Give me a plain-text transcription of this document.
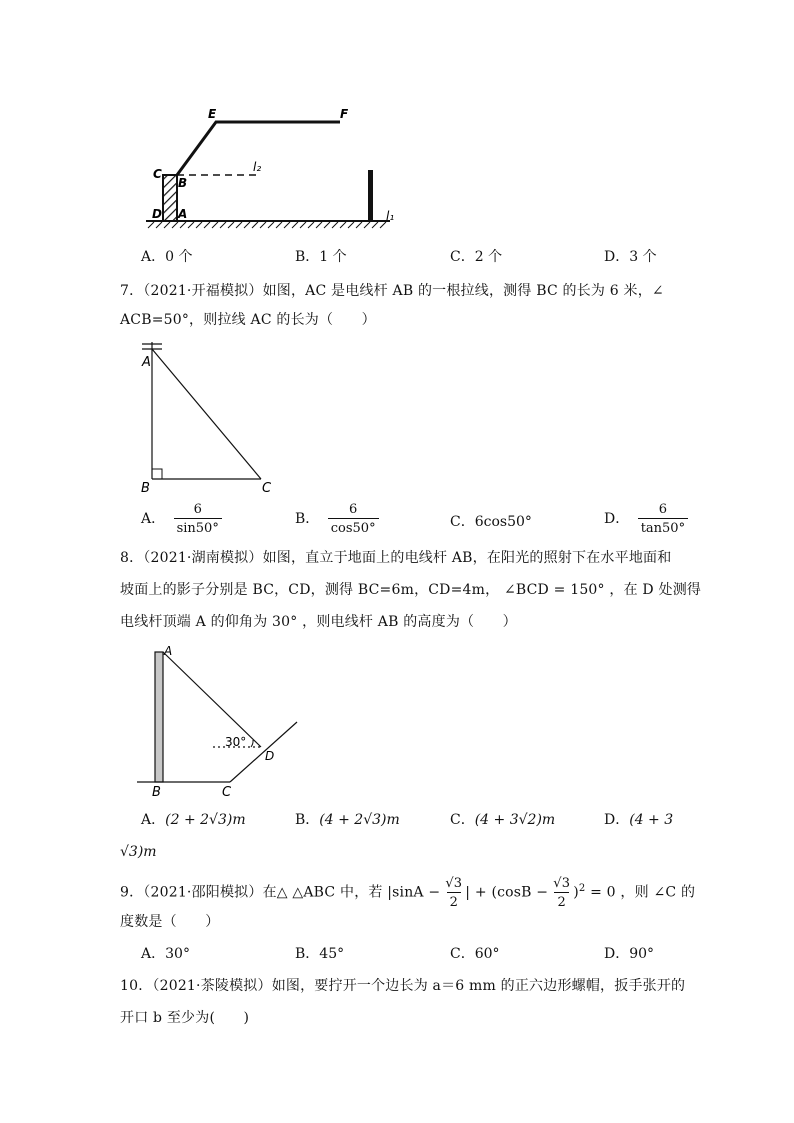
E	F
C
B
A
D
l₂
l₁
A．0 个	B．1 个	C．2 个	D．3 个
7．（2021·开福模拟）如图，AC 是电线杆 AB 的一根拉线，测得 BC 的长为 6 米，∠
ACB=50°，则拉线 AC 的长为（　　）
A
B	C
A． $\frac{6}{\sin 50^\circ}$	B． $\frac{6}{\cos 50^\circ}$	C．6cos50°	D． $\frac{6}{\tan 50^\circ}$
8．（2021·湖南模拟）如图，直立于地面上的电线杆 AB，在阳光的照射下在水平地面和
坡面上的影子分别是 BC，CD，测得 BC=6m，CD=4m， ∠BCD = 150° ，在 D 处测得
电线杆顶端 A 的仰角为 30° ，则电线杆 AB 的高度为（　　）
A
B	C
D
30°
A．(2 + 2√3)m	B．(4 + 2√3)m	C．(4 + 3√2)m	D．(4 + 3
√3)m
9．（2021·邵阳模拟）在△ △ABC 中，若 $|\sin A - \frac{√3}{2}$ | + $(\cos B - \frac{√3}{2} )^2 = 0$ ，则 ∠C 的
度数是（　　）
A．30°	B．45°	C．60°	D．90°
10．（2021·茶陵模拟）如图，要拧开一个边长为 a＝6 mm 的正六边形螺帽，扳手张开的
开口 b 至少为(　　)
